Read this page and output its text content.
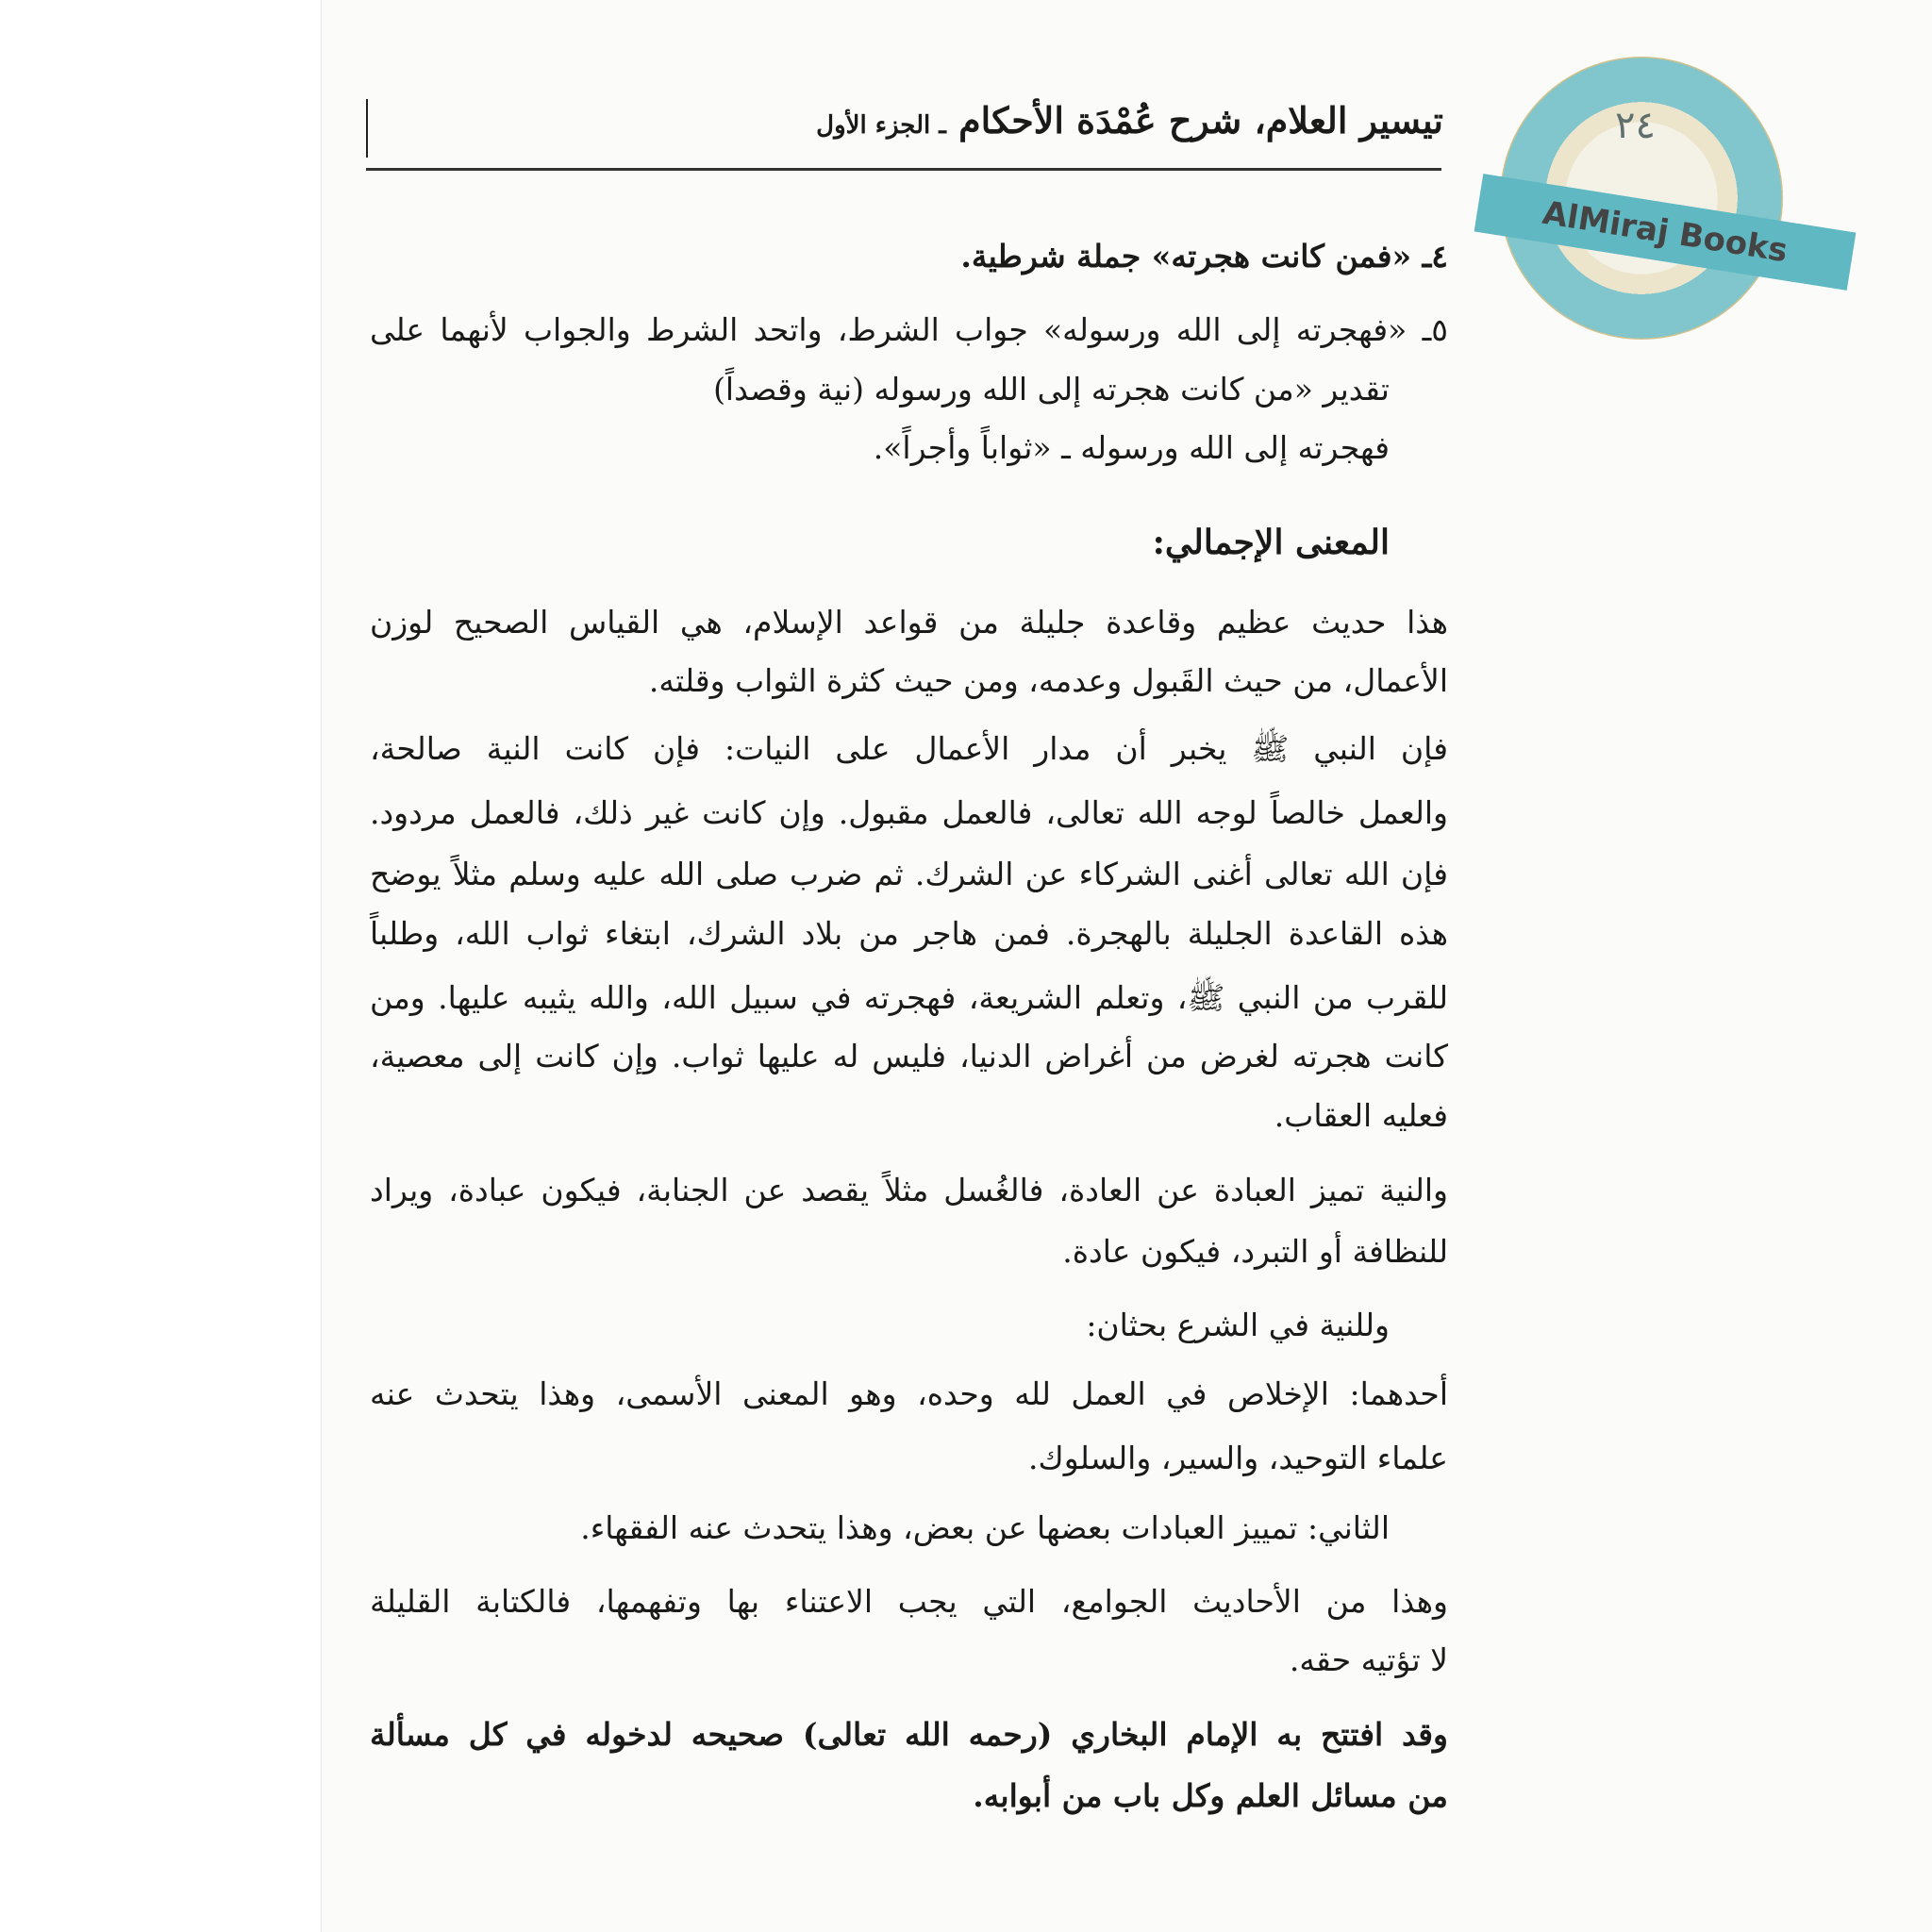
تيسير العلام، شرح عُمْدَة الأحكام ـ الجزء الأول
٤ـ «فمن كانت هجرته» جملة شرطية.
٥ـ «فهجرته إلى الله ورسوله» جواب الشرط، واتحد الشرط والجواب لأنهما على
تقدير «من كانت هجرته إلى الله ورسوله (نية وقصداً)
فهجرته إلى الله ورسوله ـ «ثواباً وأجراً».
المعنى الإجمالي:
هذا حديث عظيم وقاعدة جليلة من قواعد الإسلام، هي القياس الصحيح لوزن
الأعمال، من حيث القَبول وعدمه، ومن حيث كثرة الثواب وقلته.
فإن النبي ﷺ يخبر أن مدار الأعمال على النيات: فإن كانت النية صالحة،
والعمل خالصاً لوجه الله تعالى، فالعمل مقبول. وإن كانت غير ذلك، فالعمل مردود.
فإن الله تعالى أغنى الشركاء عن الشرك. ثم ضرب صلى الله عليه وسلم مثلاً يوضح
هذه القاعدة الجليلة بالهجرة. فمن هاجر من بلاد الشرك، ابتغاء ثواب الله، وطلباً
للقرب من النبي ﷺ، وتعلم الشريعة، فهجرته في سبيل الله، والله يثيبه عليها. ومن
كانت هجرته لغرض من أغراض الدنيا، فليس له عليها ثواب. وإن كانت إلى معصية،
فعليه العقاب.
والنية تميز العبادة عن العادة، فالغُسل مثلاً يقصد عن الجنابة، فيكون عبادة، ويراد
للنظافة أو التبرد، فيكون عادة.
وللنية في الشرع بحثان:
أحدهما: الإخلاص في العمل لله وحده، وهو المعنى الأسمى، وهذا يتحدث عنه
علماء التوحيد، والسير، والسلوك.
الثاني: تمييز العبادات بعضها عن بعض، وهذا يتحدث عنه الفقهاء.
وهذا من الأحاديث الجوامع، التي يجب الاعتناء بها وتفهمها، فالكتابة القليلة
لا تؤتيه حقه.
وقد افتتح به الإمام البخاري (رحمه الله تعالى) صحيحه لدخوله في كل مسألة
من مسائل العلم وكل باب من أبوابه.
٢٤
AlMiraj Books
